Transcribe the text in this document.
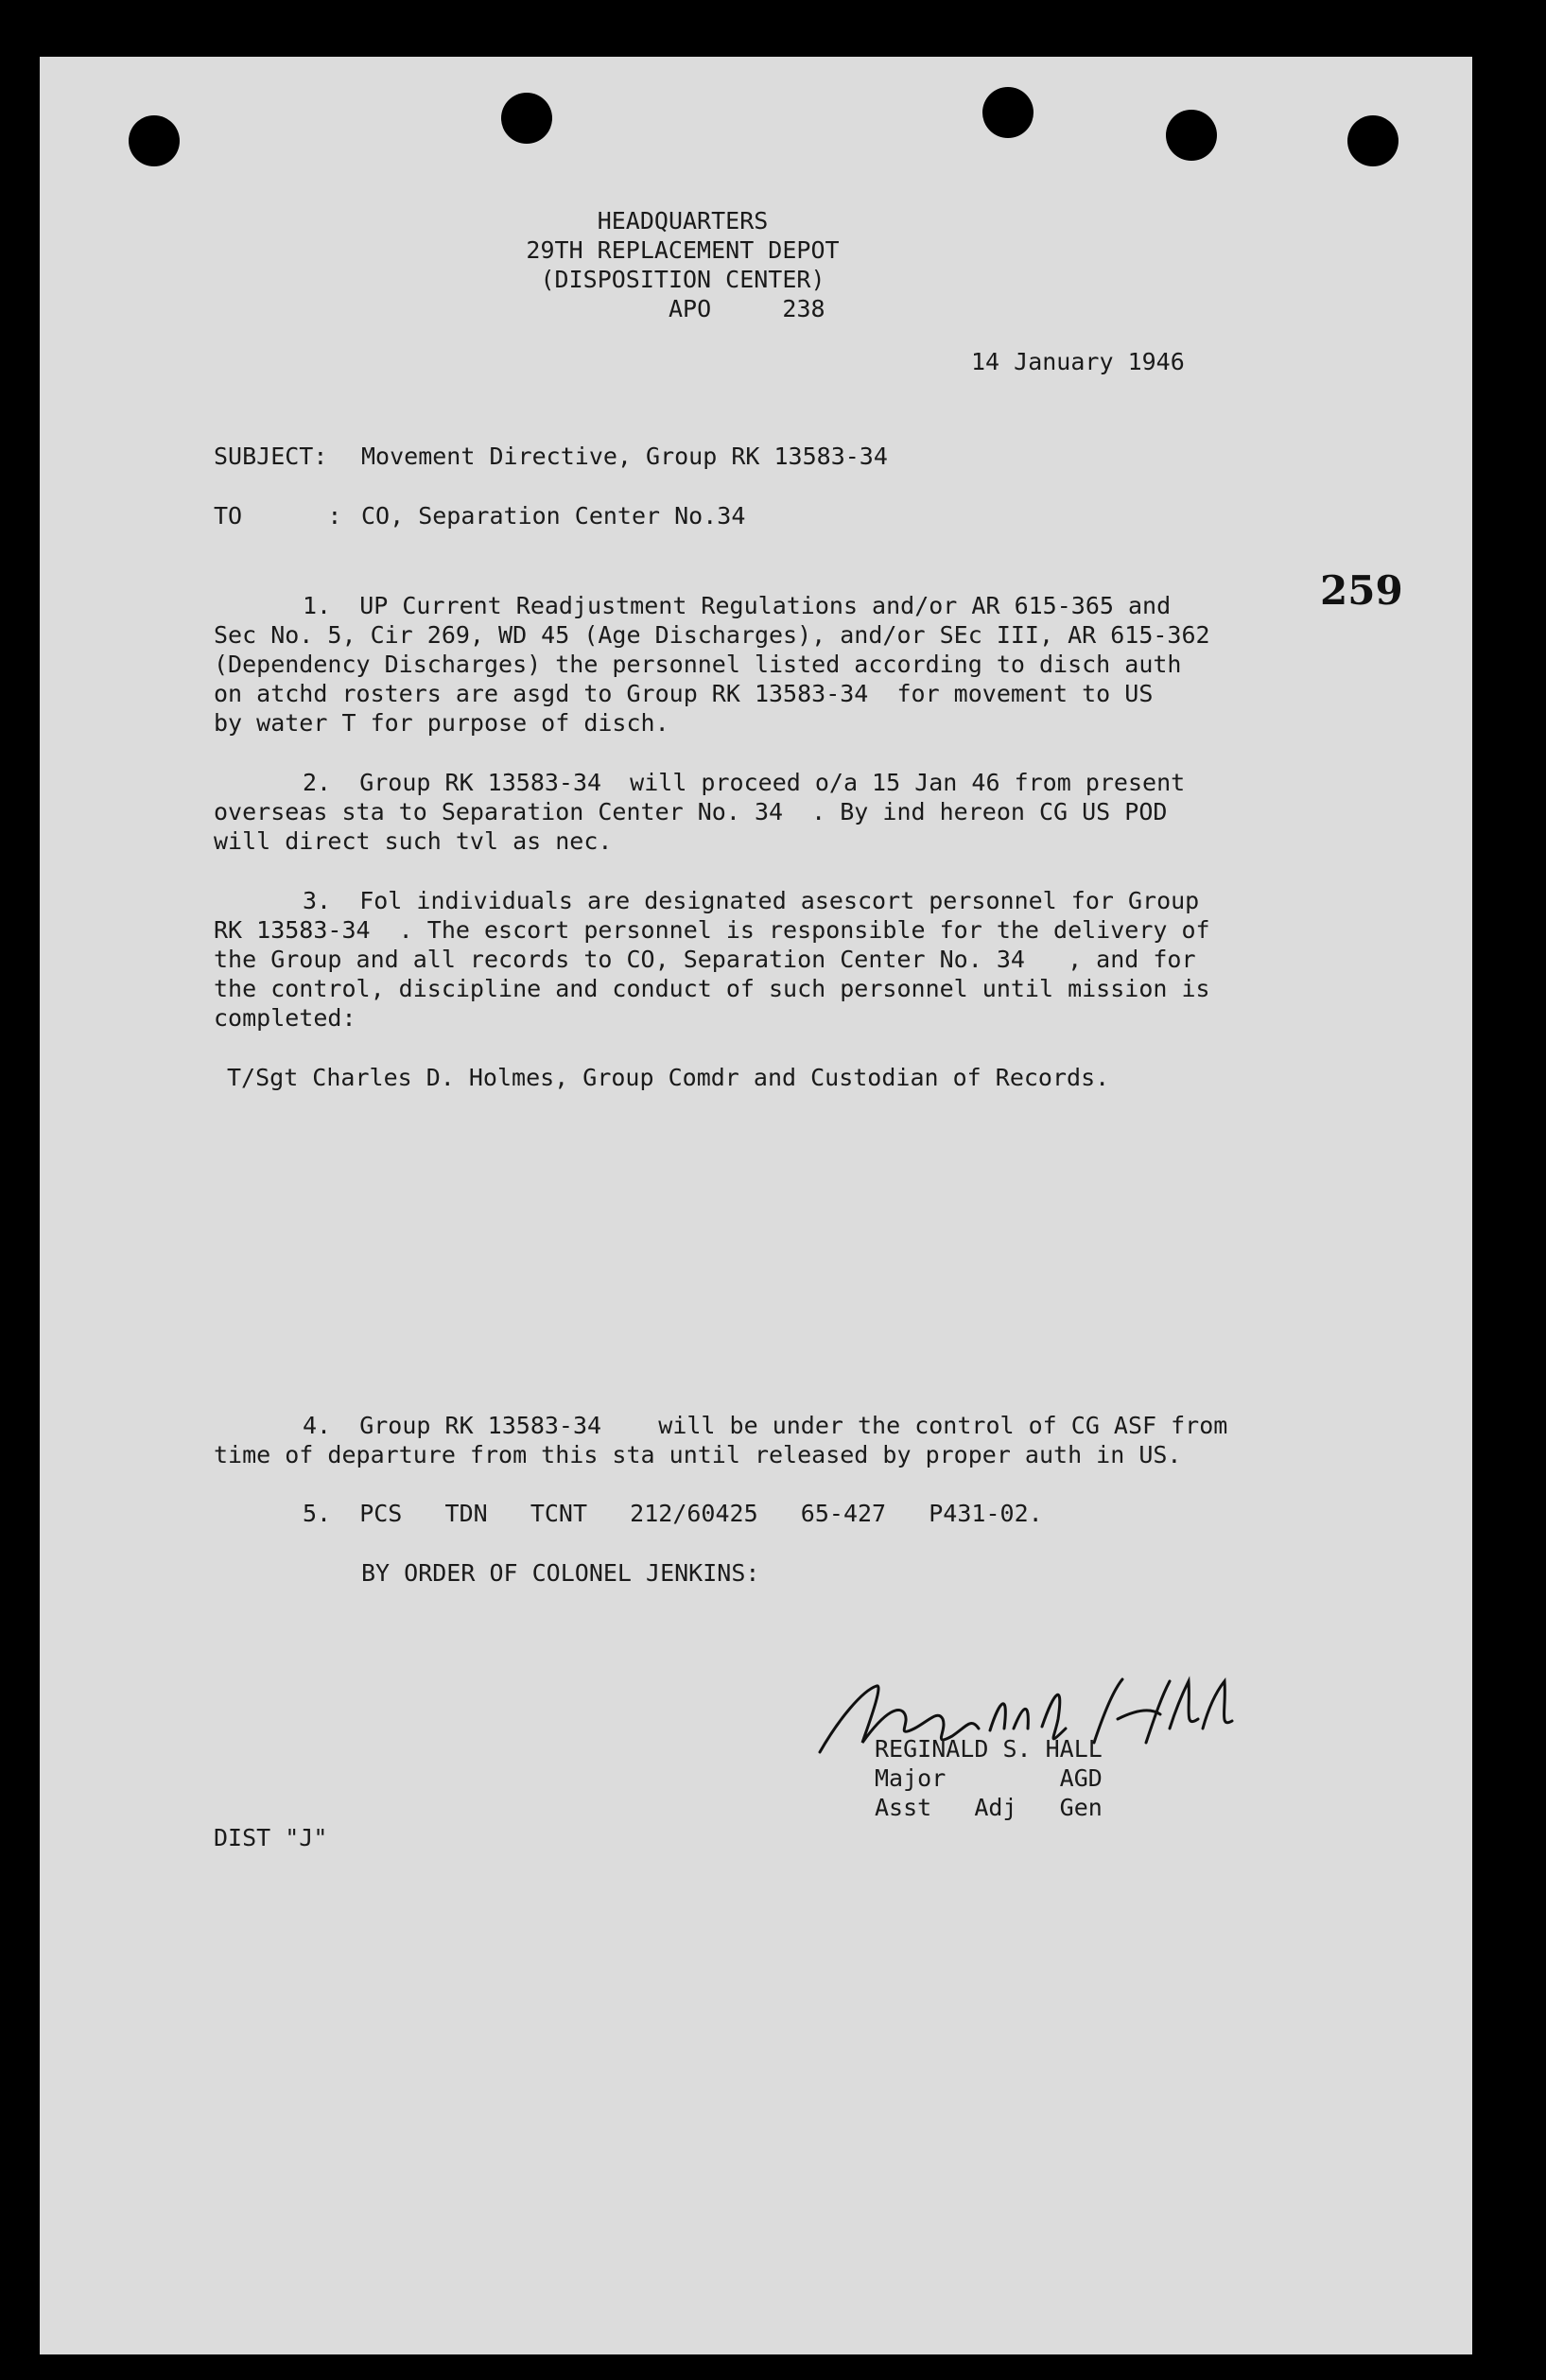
HEADQUARTERS
29TH REPLACEMENT DEPOT
(DISPOSITION CENTER)
APO     238
14 January 1946
SUBJECT: Movement Directive, Group RK 13583-34
TO      : CO, Separation Center No.34
259
1.  UP Current Readjustment Regulations and/or AR 615-365 and
Sec No. 5, Cir 269, WD 45 (Age Discharges), and/or SEc III, AR 615-362
(Dependency Discharges) the personnel listed according to disch auth
on atchd rosters are asgd to Group RK 13583-34  for movement to US
by water T for purpose of disch.
2.  Group RK 13583-34  will proceed o/a 15 Jan 46 from present
overseas sta to Separation Center No. 34  . By ind hereon CG US POD
will direct such tvl as nec.
3.  Fol individuals are designated asescort personnel for Group
RK 13583-34  . The escort personnel is responsible for the delivery of
the Group and all records to CO, Separation Center No. 34   , and for
the control, discipline and conduct of such personnel until mission is
completed:
T/Sgt Charles D. Holmes, Group Comdr and Custodian of Records.
4.  Group RK 13583-34    will be under the control of CG ASF from
time of departure from this sta until released by proper auth in US.
5.  PCS   TDN   TCNT   212/60425   65-427   P431-02.
BY ORDER OF COLONEL JENKINS:
REGINALD S. HALL
Major        AGD
Asst   Adj   Gen
DIST "J"
